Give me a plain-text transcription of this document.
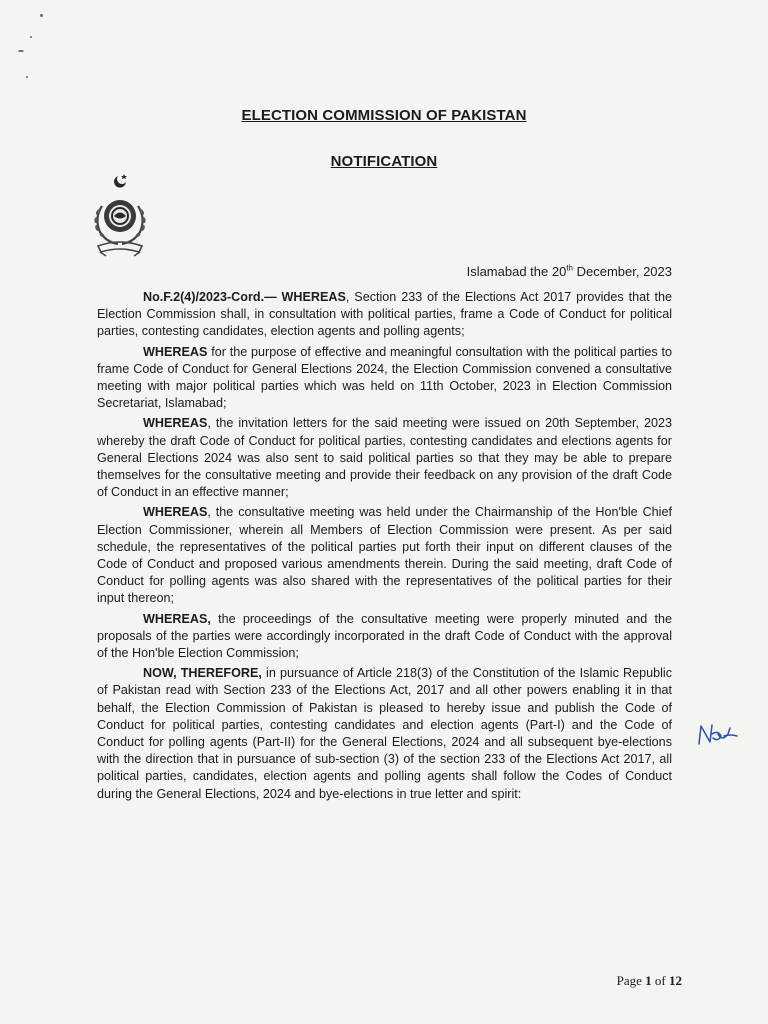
ELECTION COMMISSION OF PAKISTAN
NOTIFICATION
Islamabad the 20th December, 2023

No.F.2(4)/2023-Cord.— WHEREAS, Section 233 of the Elections Act 2017 provides that the Election Commission shall, in consultation with political parties, frame a Code of Conduct for political parties, contesting candidates, election agents and polling agents;

WHEREAS for the purpose of effective and meaningful consultation with the political parties to frame Code of Conduct for General Elections 2024, the Election Commission convened a consultative meeting with major political parties which was held on 11th October, 2023 in Election Commission Secretariat, Islamabad;

WHEREAS, the invitation letters for the said meeting were issued on 20th September, 2023 whereby the draft Code of Conduct for political parties, contesting candidates and elections agents for General Elections 2024 was also sent to said political parties so that they may be able to prepare themselves for the consultative meeting and provide their feedback on any provision of the draft Code of Conduct in an effective manner;

WHEREAS, the consultative meeting was held under the Chairmanship of the Hon'ble Chief Election Commissioner, wherein all Members of Election Commission were present. As per said schedule, the representatives of the political parties put forth their input on different clauses of the Code of Conduct and proposed various amendments therein. During the said meeting, draft Code of Conduct for polling agents was also shared with the representatives of the political parties for their input thereon;

WHEREAS, the proceedings of the consultative meeting were properly minuted and the proposals of the parties were accordingly incorporated in the draft Code of Conduct with the approval of the Hon'ble Election Commission;

NOW, THEREFORE, in pursuance of Article 218(3) of the Constitution of the Islamic Republic of Pakistan read with Section 233 of the Elections Act, 2017 and all other powers enabling it in that behalf, the Election Commission of Pakistan is pleased to hereby issue and publish the Code of Conduct for political parties, contesting candidates and election agents (Part-I) and the Code of Conduct for polling agents (Part-II) for the General Elections, 2024 and all subsequent bye-elections with the direction that in pursuance of sub-section (3) of the section 233 of the Elections Act 2017, all political parties, candidates, election agents and polling agents shall follow the Codes of Conduct during the General Elections, 2024 and bye-elections in true letter and spirit:

Page 1 of 12
